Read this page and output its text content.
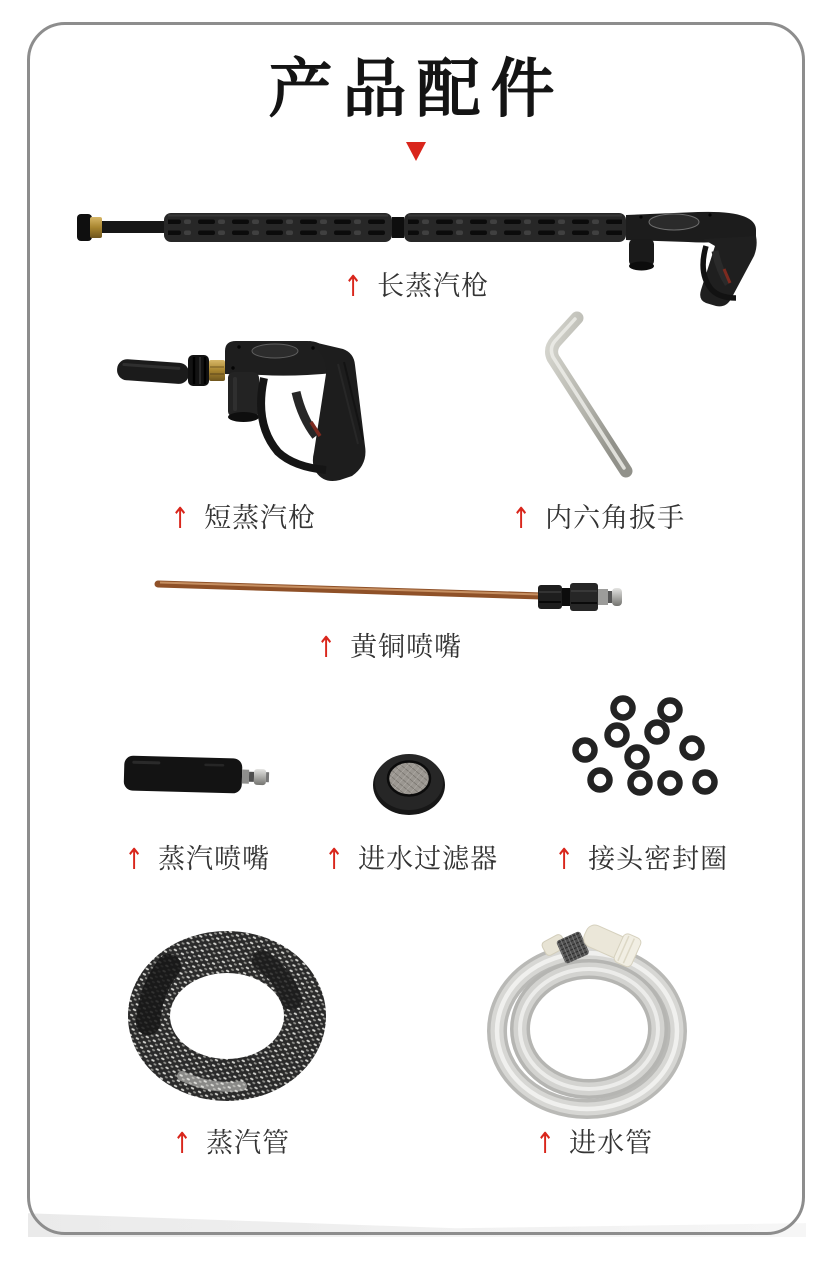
产品配件
↑ 长蒸汽枪
↑ 短蒸汽枪	↑ 内六角扳手
↑ 黄铜喷嘴
↑ 蒸汽喷嘴 ↑ 进水过滤器 ↑ 接头密封圈
↑ 蒸汽管	↑ 进水管
